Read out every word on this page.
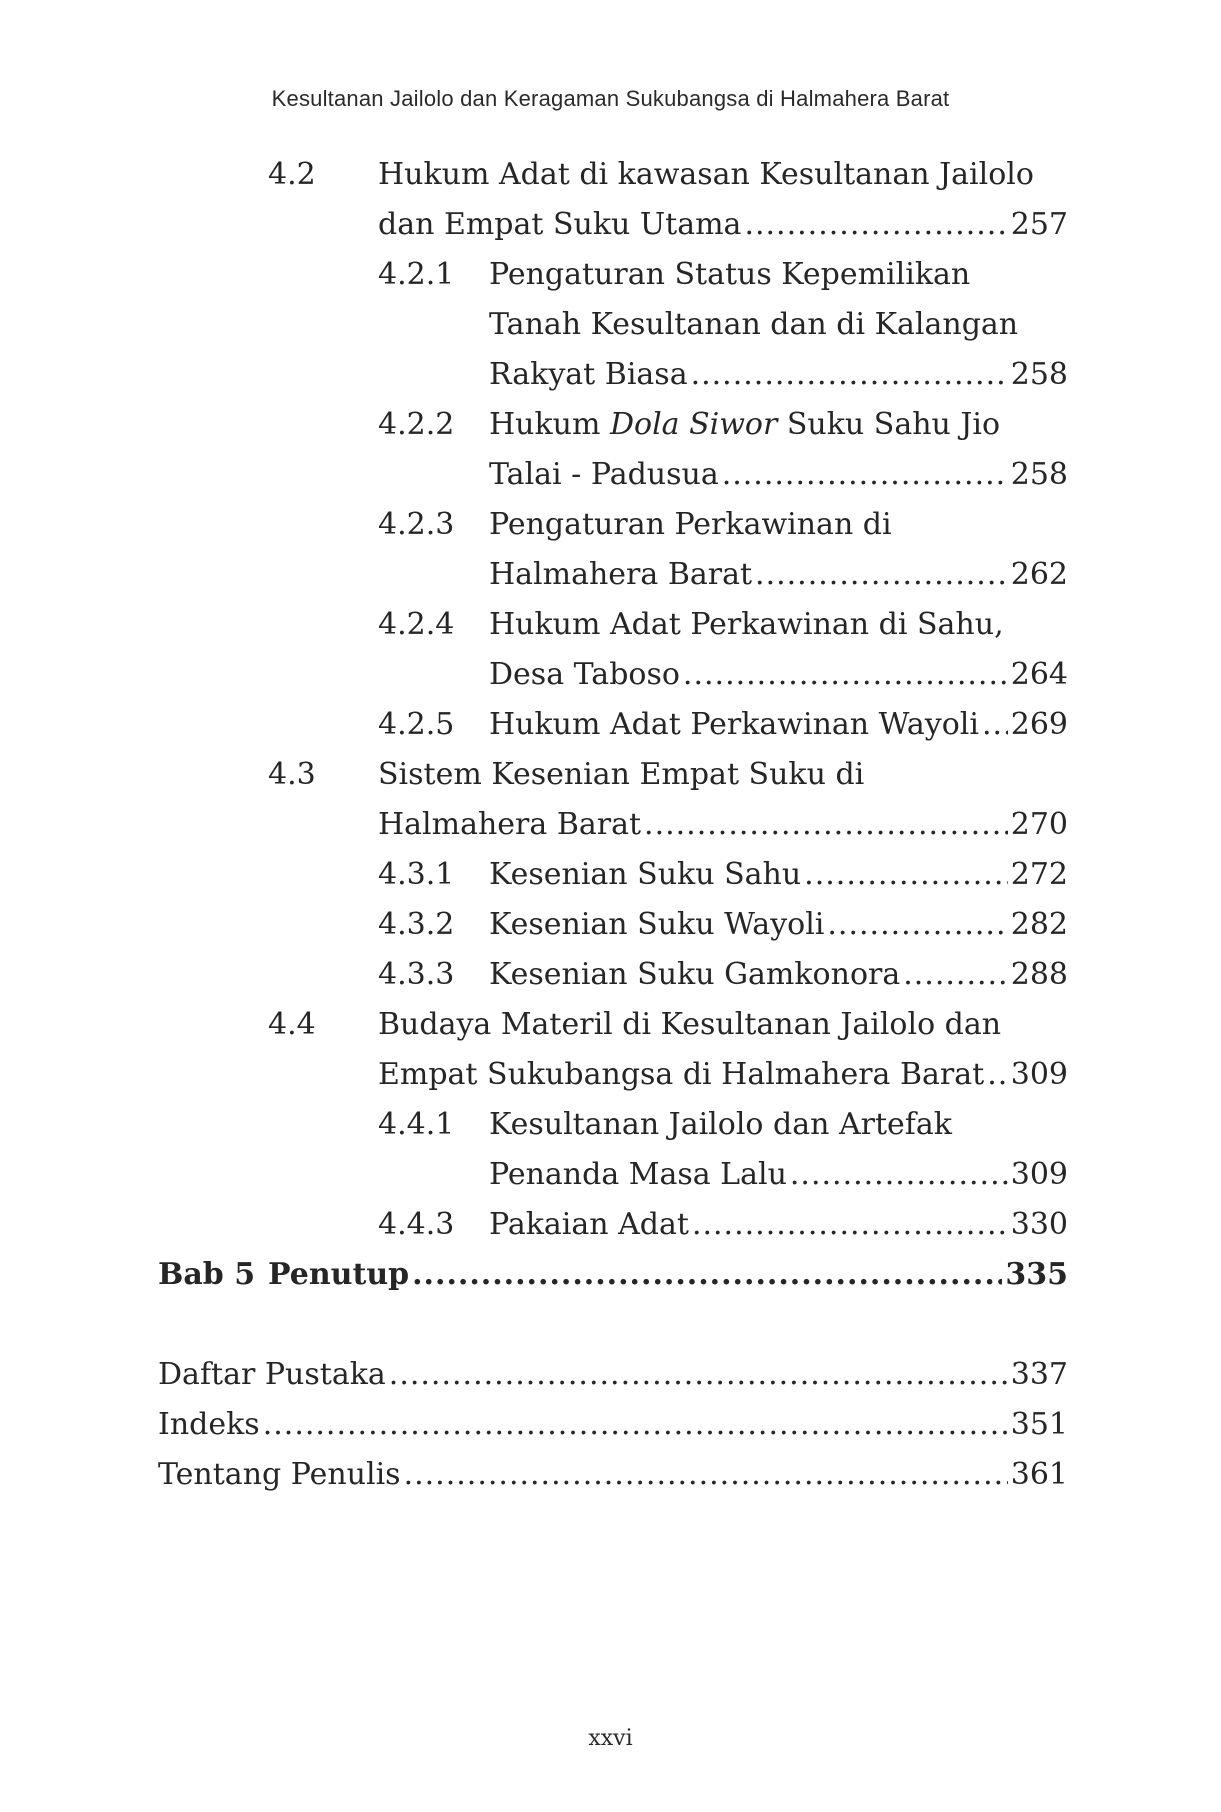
Kesultanan Jailolo dan Keragaman Sukubangsa di Halmahera Barat
4.2 Hukum Adat di kawasan Kesultanan Jailolo
dan Empat Suku Utama .....	257
4.2.1 Pengaturan Status Kepemilikan
Tanah Kesultanan dan di Kalangan
Rakyat Biasa .....	258
4.2.2 Hukum Dola Siwor Suku Sahu Jio
Talai - Padusua .....	258
4.2.3 Pengaturan Perkawinan di
Halmahera Barat .....	262
4.2.4 Hukum Adat Perkawinan di Sahu,
Desa Taboso .....	264
4.2.5 Hukum Adat Perkawinan Wayoli ..... 269
4.3 Sistem Kesenian Empat Suku di
Halmahera Barat .....	270
4.3.1 Kesenian Suku Sahu .....	272
4.3.2 Kesenian Suku Wayoli .....	282
4.3.3 Kesenian Suku Gamkonora .....	288
4.4 Budaya Materil di Kesultanan Jailolo dan
Empat Sukubangsa di Halmahera Barat ..... 309
4.4.1 Kesultanan Jailolo dan Artefak
Penanda Masa Lalu .....	309
4.4.3 Pakaian Adat .....	330
Bab 5 Penutup .....	335
Daftar Pustaka .....	337
Indeks .....	351
Tentang Penulis .....	361
xxvi
